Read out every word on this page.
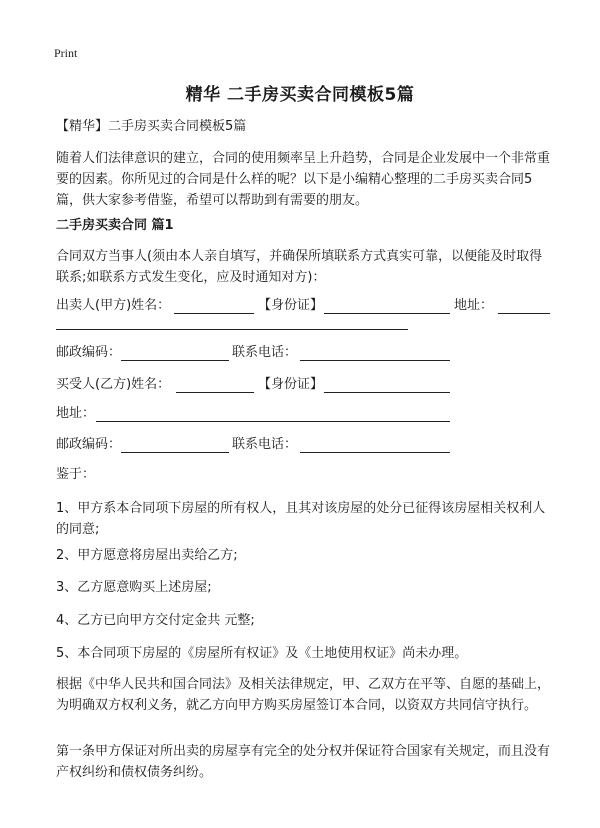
Print
精华 二手房买卖合同模板5篇
【精华】二手房买卖合同模板5篇
随着人们法律意识的建立，合同的使用频率呈上升趋势，合同是企业发展中一个非常重要的因素。你所见过的合同是什么样的呢？以下是小编精心整理的二手房买卖合同5篇，供大家参考借鉴，希望可以帮助到有需要的朋友。
二手房买卖合同 篇1
合同双方当事人(须由本人亲自填写，并确保所填联系方式真实可靠，以便能及时取得联系;如联系方式发生变化，应及时通知对方)：
出卖人(甲方)姓名：	【身份证】	地址：
邮政编码：	联系电话：
买受人(乙方)姓名：	【身份证】
地址：
邮政编码：	联系电话：
鉴于：
1、甲方系本合同项下房屋的所有权人，且其对该房屋的处分已征得该房屋相关权利人的同意;
2、甲方愿意将房屋出卖给乙方;
3、乙方愿意购买上述房屋;
4、乙方已向甲方交付定金共 元整;
5、本合同项下房屋的《房屋所有权证》及《土地使用权证》尚未办理。
根据《中华人民共和国合同法》及相关法律规定，甲、乙双方在平等、自愿的基础上，为明确双方权利义务，就乙方向甲方购买房屋签订本合同，以资双方共同信守执行。
第一条甲方保证对所出卖的房屋享有完全的处分权并保证符合国家有关规定，而且没有产权纠纷和债权债务纠纷。
